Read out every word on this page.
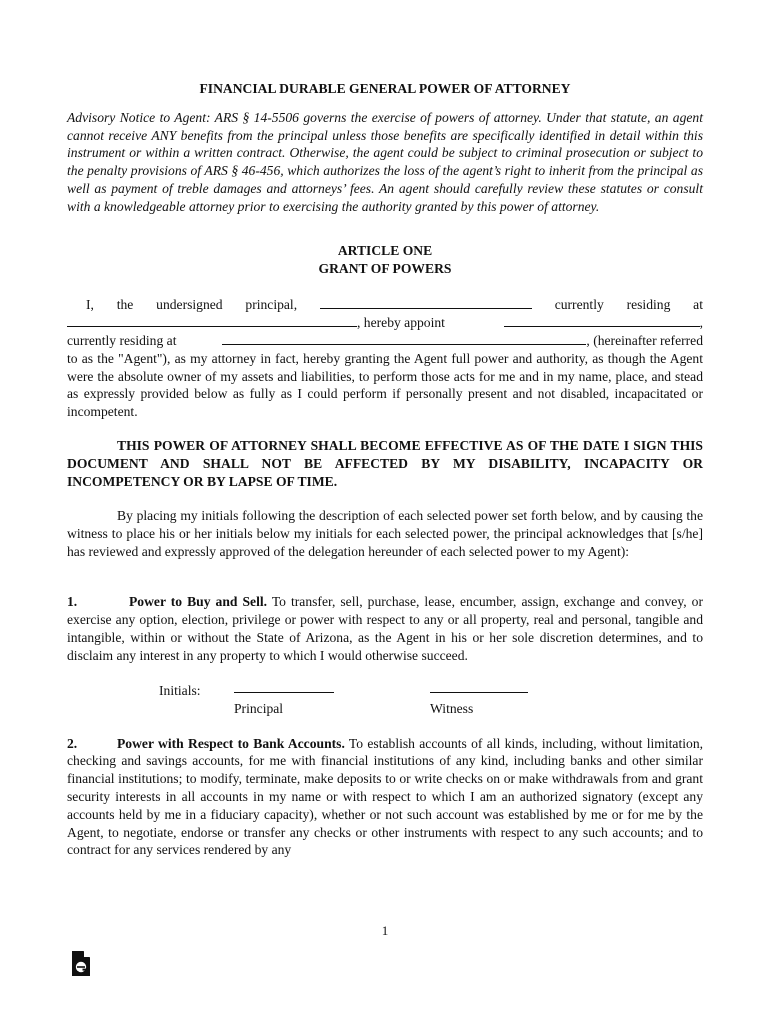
FINANCIAL DURABLE GENERAL POWER OF ATTORNEY

Advisory Notice to Agent: ARS § 14-5506 governs the exercise of powers of attorney. Under that statute, an agent cannot receive ANY benefits from the principal unless those benefits are specifically identified in detail within this instrument or within a written contract. Otherwise, the agent could be subject to criminal prosecution or subject to the penalty provisions of ARS § 46-456, which authorizes the loss of the agent’s right to inherit from the principal as well as payment of treble damages and attorneys’ fees. An agent should carefully review these statutes or consult with a knowledgeable attorney prior to exercising the authority granted by this power of attorney.

ARTICLE ONE
GRANT OF POWERS
I, the undersigned principal,	currently residing at
, hereby appoint	,
currently residing at	, (hereinafter referred

to as the "Agent"), as my attorney in fact, hereby granting the Agent full power and authority, as though the Agent were the absolute owner of my assets and liabilities, to perform those acts for me and in my name, place, and stead as expressly provided below as fully as I could perform if personally present and not disabled, incapacitated or incompetent.

THIS POWER OF ATTORNEY SHALL BECOME EFFECTIVE AS OF THE DATE I SIGN THIS DOCUMENT AND SHALL NOT BE AFFECTED BY MY DISABILITY, INCAPACITY OR INCOMPETENCY OR BY LAPSE OF TIME.

By placing my initials following the description of each selected power set forth below, and by causing the witness to place his or her initials below my initials for each selected power, the principal acknowledges that [s/he] has reviewed and expressly approved of the delegation hereunder of each selected power to my Agent):

1.	Power to Buy and Sell. To transfer, sell, purchase, lease, encumber, assign, exchange and convey, or exercise any option, election, privilege or power with respect to any or all property, real and personal, tangible and intangible, within or without the State of Arizona, as the Agent in his or her sole discretion determines, and to disclaim any interest in any property to which I would otherwise succeed.

Initials:
Principal	Witness

2.	Power with Respect to Bank Accounts. To establish accounts of all kinds, including, without limitation, checking and savings accounts, for me with financial institutions of any kind, including banks and other similar financial institutions; to modify, terminate, make deposits to or write checks on or make withdrawals from and grant security interests in all accounts in my name or with respect to which I am an authorized signatory (except any accounts held by me in a fiduciary capacity), whether or not such account was established by me or for me by the Agent, to negotiate, endorse or transfer any checks or other instruments with respect to any such accounts; and to contract for any services rendered by any

1
